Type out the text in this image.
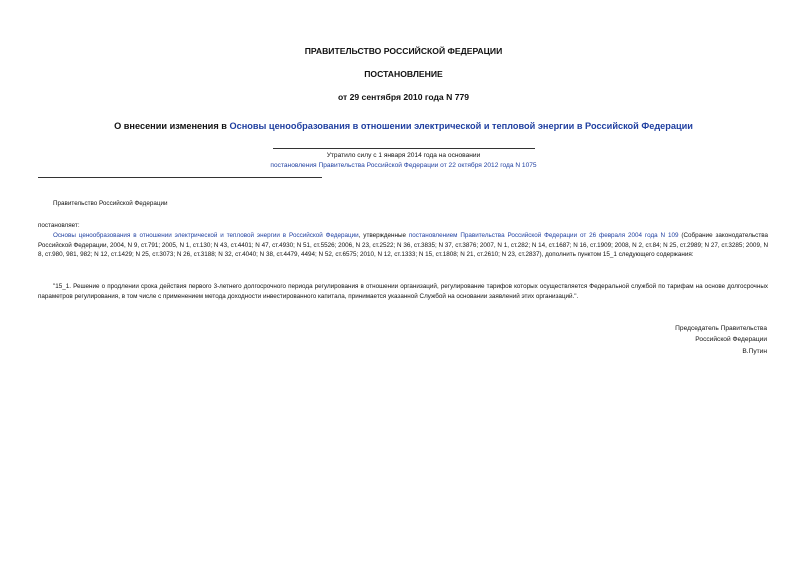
ПРАВИТЕЛЬСТВО РОССИЙСКОЙ ФЕДЕРАЦИИ
ПОСТАНОВЛЕНИЕ
от 29 сентября 2010 года N 779
О внесении изменения в Основы ценообразования в отношении электрической и тепловой энергии в Российской Федерации
Утратило силу с 1 января 2014 года на основании
постановления Правительства Российской Федерации от 22 октября 2012 года N 1075
Правительство Российской Федерации
постановляет:
Основы ценообразования в отношении электрической и тепловой энергии в Российской Федерации, утвержденные постановлением Правительства Российской Федерации от 26 февраля 2004 года N 109 (Собрание законодательства Российской Федерации, 2004, N 9, ст.791; 2005, N 1, ст.130; N 43, ст.4401; N 47, ст.4930; N 51, ст.5526; 2006, N 23, ст.2522; N 36, ст.3835; N 37, ст.3876; 2007, N 1, ст.282; N 14, ст.1687; N 16, ст.1909; 2008, N 2, ст.84; N 25, ст.2989; N 27, ст.3285; 2009, N 8, ст.980, 981, 982; N 12, ст.1429; N 25, ст.3073; N 26, ст.3188; N 32, ст.4040; N 38, ст.4479, 4494; N 52, ст.6575; 2010, N 12, ст.1333; N 15, ст.1808; N 21, ст.2610; N 23, ст.2837), дополнить пунктом 15_1 следующего содержания:
"15_1. Решение о продлении срока действия первого 3-летнего долгосрочного периода регулирования в отношении организаций, регулирование тарифов которых осуществляется Федеральной службой по тарифам на основе долгосрочных параметров регулирования, в том числе с применением метода доходности инвестированного капитала, принимается указанной Службой на основании заявлений этих организаций.".
Председатель Правительства
Российской Федерации
В.Путин
